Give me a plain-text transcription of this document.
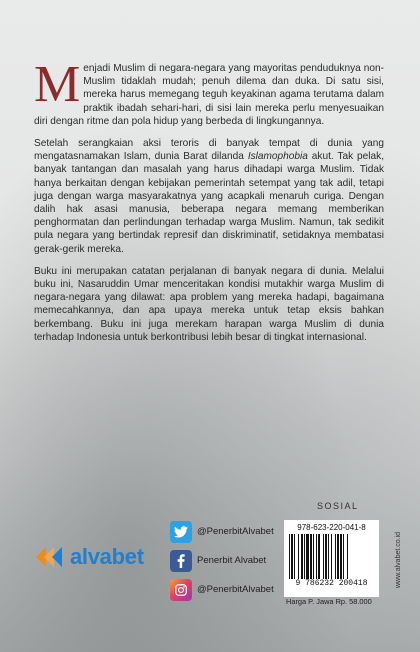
Menjadi Muslim di negara-negara yang mayoritas penduduknya non-Muslim tidaklah mudah; penuh dilema dan duka. Di satu sisi, mereka harus memegang teguh keyakinan agama terutama dalam praktik ibadah sehari-hari, di sisi lain mereka perlu menyesuaikan diri dengan ritme dan pola hidup yang berbeda di lingkungannya.

Setelah serangkaian aksi teroris di banyak tempat di dunia yang mengatasnamakan Islam, dunia Barat dilanda Islamophobia akut. Tak pelak, banyak tantangan dan masalah yang harus dihadapi warga Muslim. Tidak hanya berkaitan dengan kebijakan pemerintah setempat yang tak adil, tetapi juga dengan warga masyarakatnya yang acapkali menaruh curiga. Dengan dalih hak asasi manusia, beberapa negara memang memberikan penghormatan dan perlindungan terhadap warga Muslim. Namun, tak sedikit pula negara yang bertindak represif dan diskriminatif, setidaknya membatasi gerak-gerik mereka.

Buku ini merupakan catatan perjalanan di banyak negara di dunia. Melalui buku ini, Nasaruddin Umar menceritakan kondisi mutakhir warga Muslim di negara-negara yang dilawat: apa problem yang mereka hadapi, bagaimana memecahkannya, dan apa upaya mereka untuk tetap eksis bahkan berkembang. Buku ini juga merekam harapan warga Muslim di dunia terhadap Indonesia untuk berkontribusi lebih besar di tingkat internasional.

alvabet
SOSIAL
@PenerbitAlvabet
Penerbit Alvabet
@PenerbitAlvabet
978-623-220-041-8
9 786232 200418
Harga P. Jawa Rp. 58.000
www.alvabet.co.id
